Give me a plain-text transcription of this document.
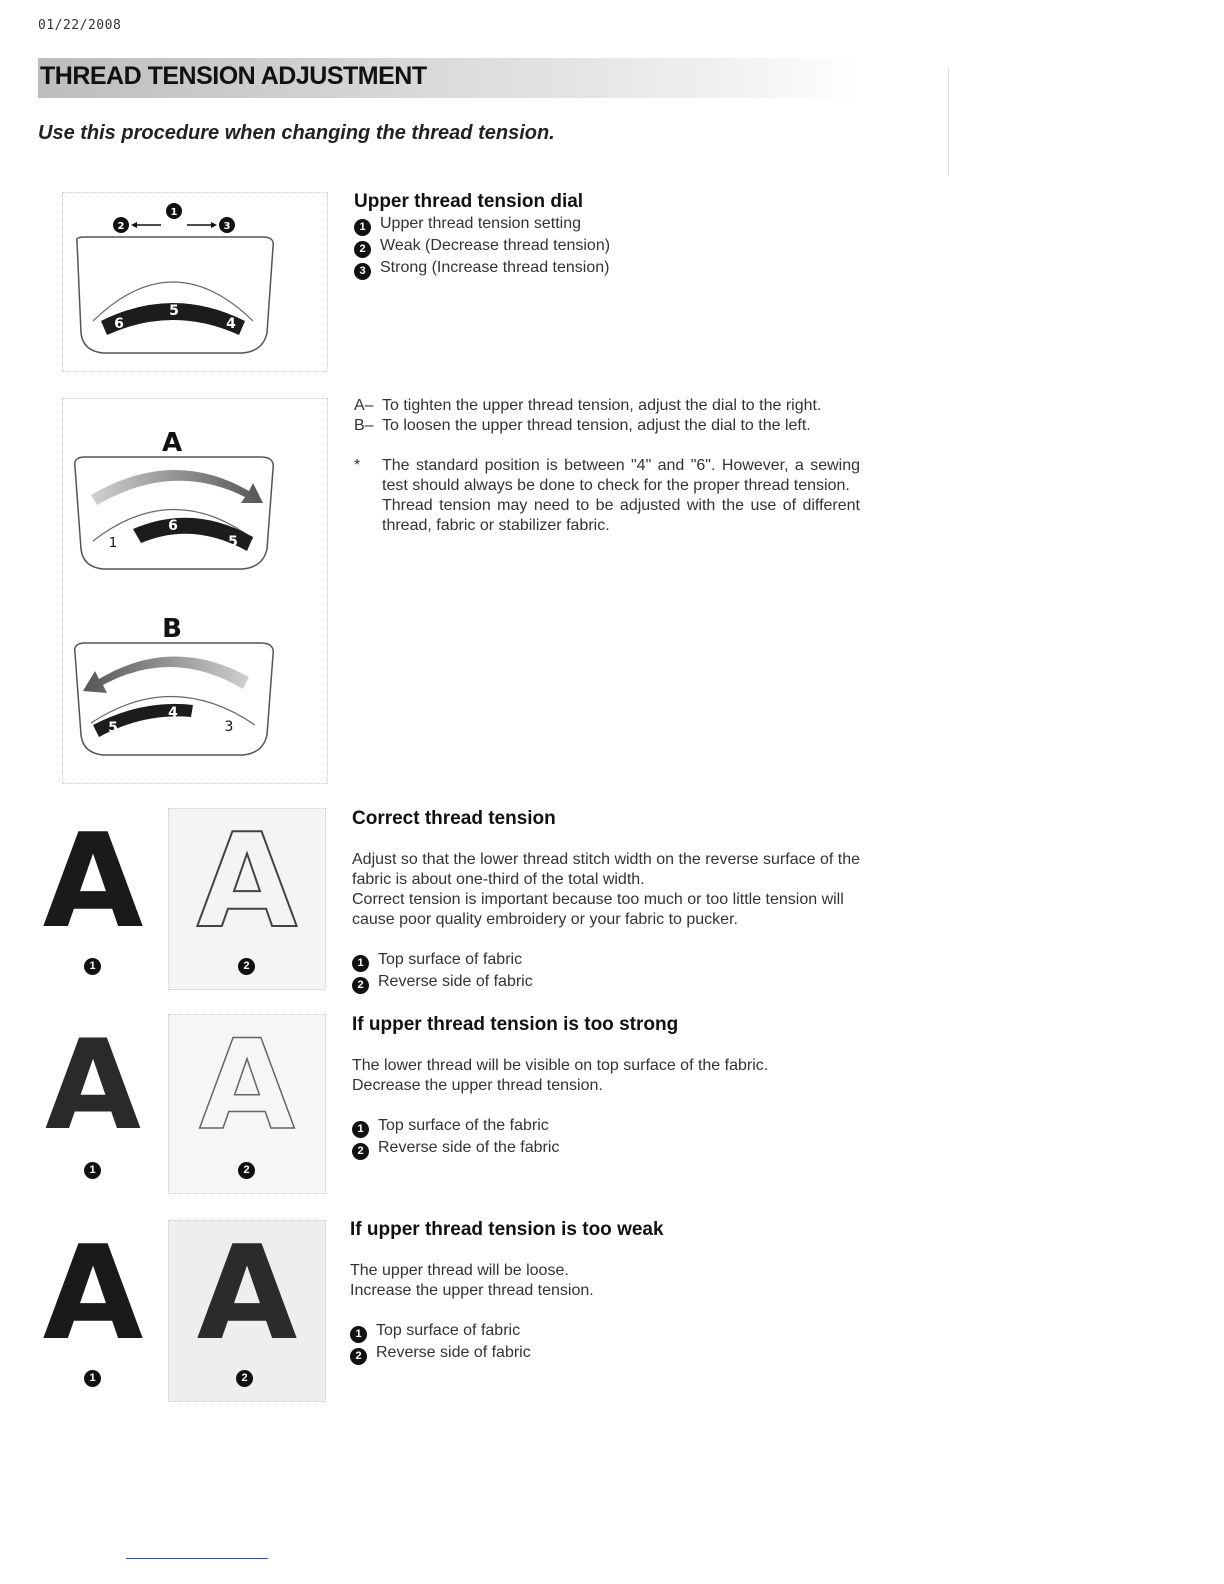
01/22/2008
THREAD TENSION ADJUSTMENT
Use this procedure when changing the thread tension.
1
2	3
6
5
4
Upper thread tension dial

1 Upper thread tension setting

2 Weak (Decrease thread tension)

3 Strong (Increase thread tension)

A
1
6
5
B
5
4
3
A– To tighten the upper thread tension, adjust the dial to the right.
B– To loosen the upper thread tension, adjust the dial to the left.
* The standard position is between "4" and "6". However, a sewing test should always be done to check for the proper thread tension.
Thread tension may need to be adjusted with the use of different thread, fabric or stabilizer fabric.
A A
1	2
Correct thread tension
Adjust so that the lower thread stitch width on the reverse surface of the fabric is about one-third of the total width.
Correct tension is important because too much or too little tension will cause poor quality embroidery or your fabric to pucker.

1 Top surface of fabric

2 Reverse side of fabric

A A
1	2
If upper thread tension is too strong
The lower thread will be visible on top surface of the fabric.
Decrease the upper thread tension.

1 Top surface of the fabric

2 Reverse side of the fabric

A A
1	2
If upper thread tension is too weak
The upper thread will be loose.
Increase the upper thread tension.

1 Top surface of fabric

2 Reverse side of fabric
